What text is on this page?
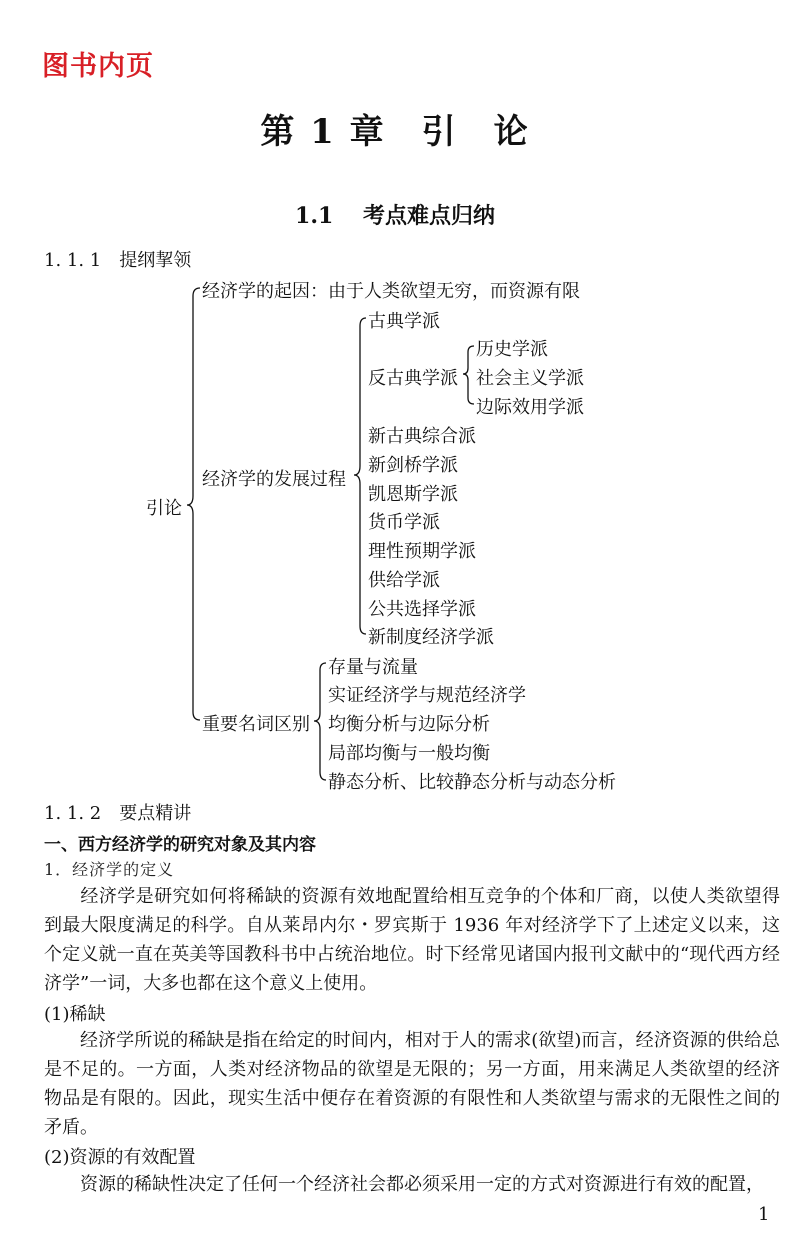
图书内页
第 1 章　引　论
1.1　 考点难点归纳
1. 1. 1　提纲挈领
引论
经济学的起因：由于人类欲望无穷，而资源有限
经济学的发展过程
古典学派
反古典学派
历史学派
社会主义学派
边际效用学派
新古典综合派
新剑桥学派
凯恩斯学派
货币学派
理性预期学派
供给学派
公共选择学派
新制度经济学派
重要名词区别
存量与流量
实证经济学与规范经济学
均衡分析与边际分析
局部均衡与一般均衡
静态分析、比较静态分析与动态分析
1. 1. 2　要点精讲
一、西方经济学的研究对象及其内容
1．经济学的定义
经济学是研究如何将稀缺的资源有效地配置给相互竞争的个体和厂商，以使人类欲望得到最大限度满足的科学。自从莱昂内尔・罗宾斯于 1936 年对经济学下了上述定义以来，这个定义就一直在英美等国教科书中占统治地位。时下经常见诸国内报刊文献中的“现代西方经济学”一词，大多也都在这个意义上使用。
(1)稀缺
经济学所说的稀缺是指在给定的时间内，相对于人的需求(欲望)而言，经济资源的供给总是不足的。一方面，人类对经济物品的欲望是无限的；另一方面，用来满足人类欲望的经济物品是有限的。因此，现实生活中便存在着资源的有限性和人类欲望与需求的无限性之间的矛盾。
(2)资源的有效配置
资源的稀缺性决定了任何一个经济社会都必须采用一定的方式对资源进行有效的配置，
1
